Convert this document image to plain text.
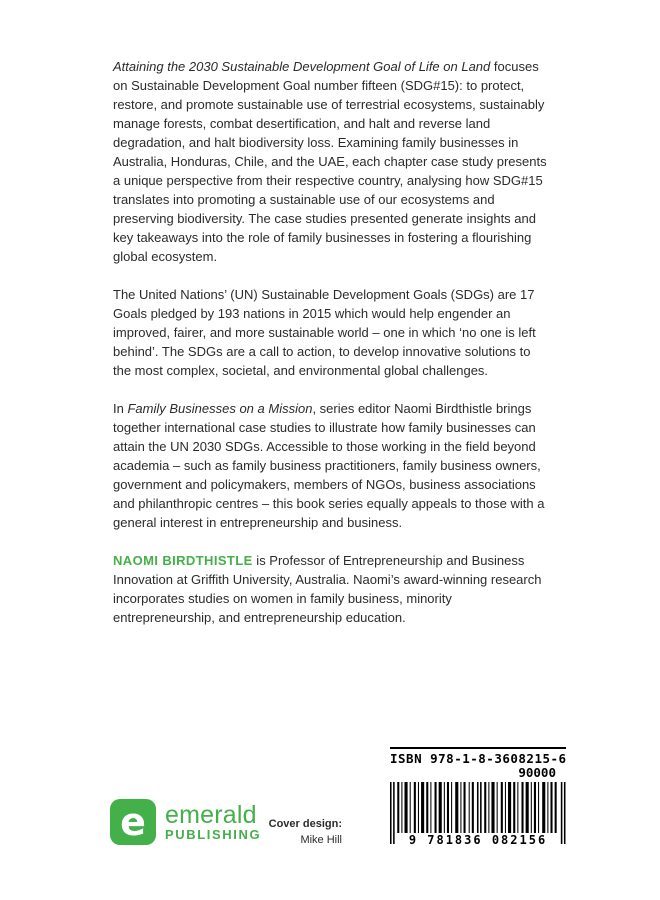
Attaining the 2030 Sustainable Development Goal of Life on Land focuses on Sustainable Development Goal number fifteen (SDG#15): to protect, restore, and promote sustainable use of terrestrial ecosystems, sustainably manage forests, combat desertification, and halt and reverse land degradation, and halt biodiversity loss. Examining family businesses in Australia, Honduras, Chile, and the UAE, each chapter case study presents a unique perspective from their respective country, analysing how SDG#15 translates into promoting a sustainable use of our ecosystems and preserving biodiversity. The case studies presented generate insights and key takeaways into the role of family businesses in fostering a flourishing global ecosystem.

The United Nations’ (UN) Sustainable Development Goals (SDGs) are 17 Goals pledged by 193 nations in 2015 which would help engender an improved, fairer, and more sustainable world – one in which ‘no one is left behind’. The SDGs are a call to action, to develop innovative solutions to the most complex, societal, and environmental global challenges.

In Family Businesses on a Mission, series editor Naomi Birdthistle brings together international case studies to illustrate how family businesses can attain the UN 2030 SDGs. Accessible to those working in the field beyond academia – such as family business practitioners, family business owners, government and policymakers, members of NGOs, business associations and philanthropic centres – this book series equally appeals to those with a general interest in entrepreneurship and business.

NAOMI BIRDTHISTLE is Professor of Entrepreneurship and Business Innovation at Griffith University, Australia. Naomi’s award-winning research incorporates studies on women in family business, minority entrepreneurship, and entrepreneurship education.

e emerald
PUBLISHING
Cover design:
Mike Hill
ISBN 978-1-8-3608215-6
90000
9 781836 082156
